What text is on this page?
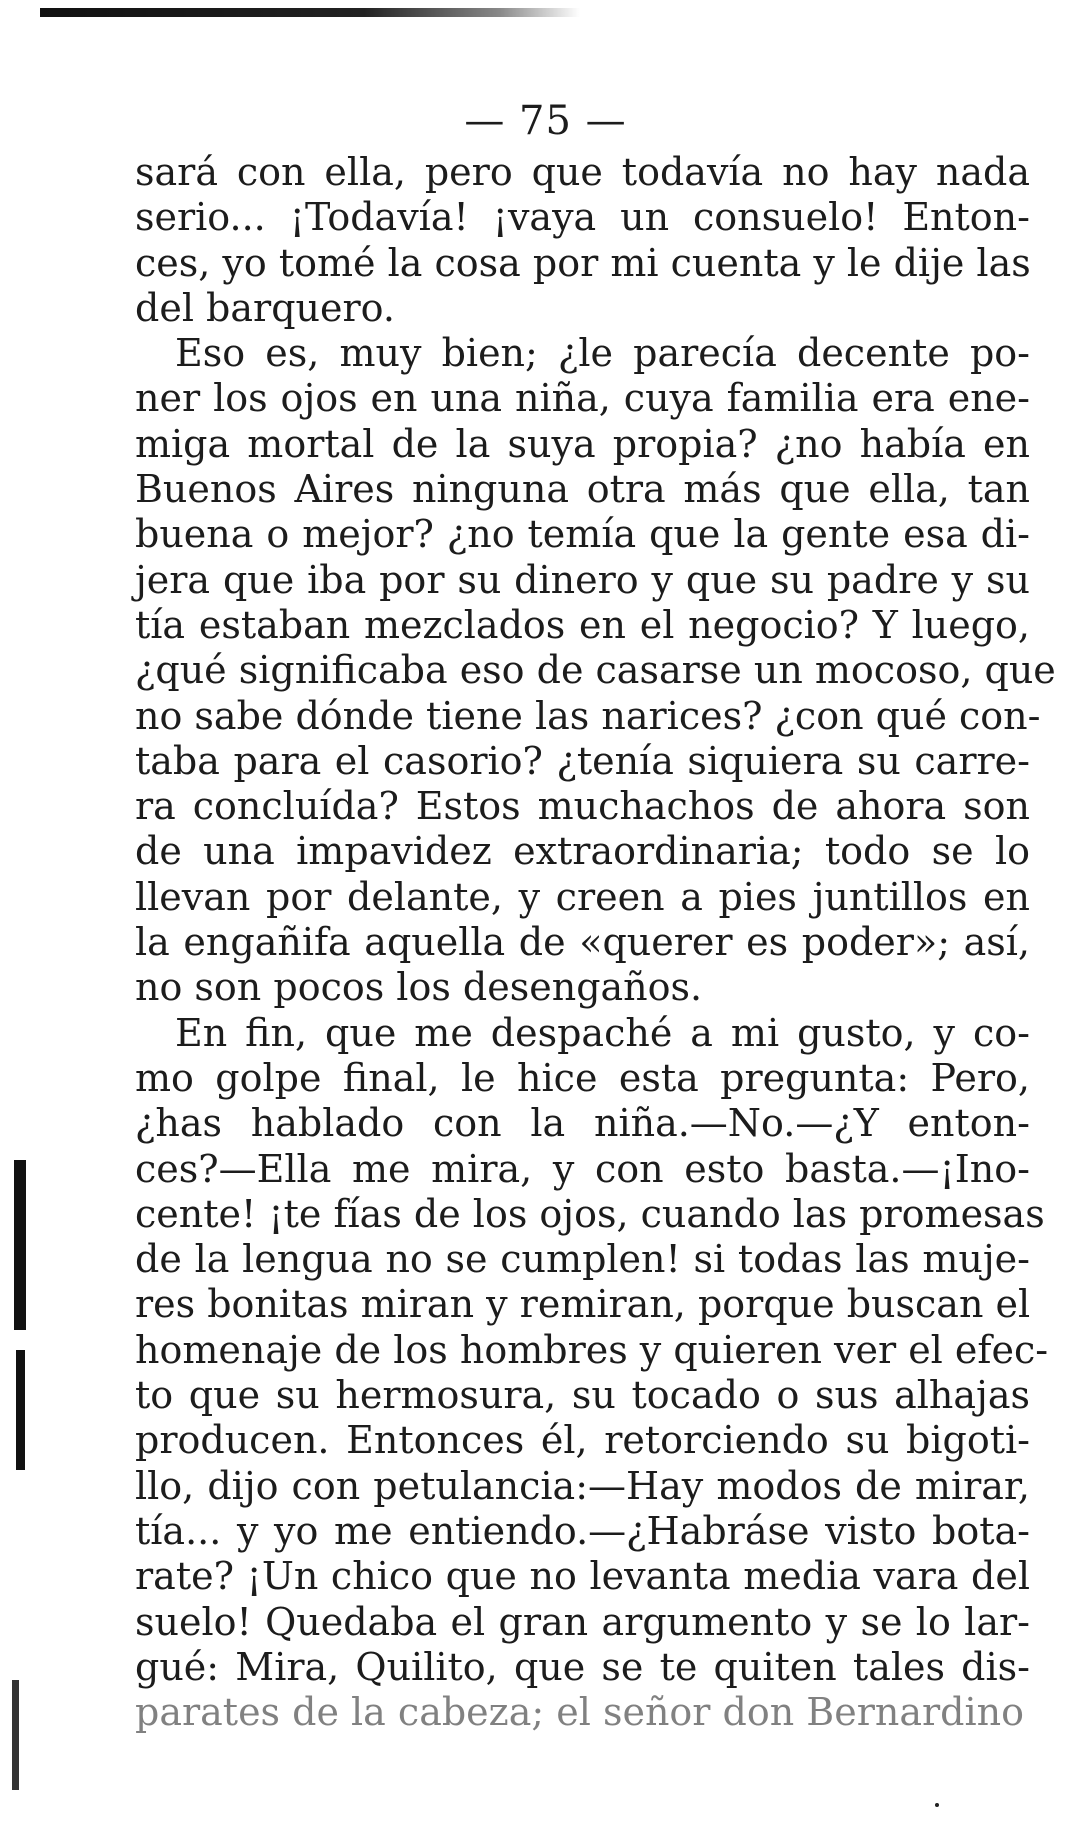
— 75 —
sará con ella, pero que todavía no hay nada
serio... ¡Todavía! ¡vaya un consuelo! Enton-
ces, yo tomé la cosa por mi cuenta y le dije las
del barquero.
Eso es, muy bien; ¿le parecía decente po-
ner los ojos en una niña, cuya familia era ene-
miga mortal de la suya propia? ¿no había en
Buenos Aires ninguna otra más que ella, tan
buena o mejor? ¿no temía que la gente esa di-
jera que iba por su dinero y que su padre y su
tía estaban mezclados en el negocio? Y luego,
¿qué significaba eso de casarse un mocoso, que
no sabe dónde tiene las narices? ¿con qué con-
taba para el casorio? ¿tenía siquiera su carre-
ra concluída? Estos muchachos de ahora son
de una impavidez extraordinaria; todo se lo
llevan por delante, y creen a pies juntillos en
la engañifa aquella de «querer es poder»; así,
no son pocos los desengaños.
En fin, que me despaché a mi gusto, y co-
mo golpe final, le hice esta pregunta: Pero,
¿has hablado con la niña.—No.—¿Y enton-
ces?—Ella me mira, y con esto basta.—¡Ino-
cente! ¡te fías de los ojos, cuando las promesas
de la lengua no se cumplen! si todas las muje-
res bonitas miran y remiran, porque buscan el
homenaje de los hombres y quieren ver el efec-
to que su hermosura, su tocado o sus alhajas
producen. Entonces él, retorciendo su bigoti-
llo, dijo con petulancia:—Hay modos de mirar,
tía... y yo me entiendo.—¿Habráse visto bota-
rate? ¡Un chico que no levanta media vara del
suelo! Quedaba el gran argumento y se lo lar-
gué: Mira, Quilito, que se te quiten tales dis-
parates de la cabeza; el señor don Bernardino
